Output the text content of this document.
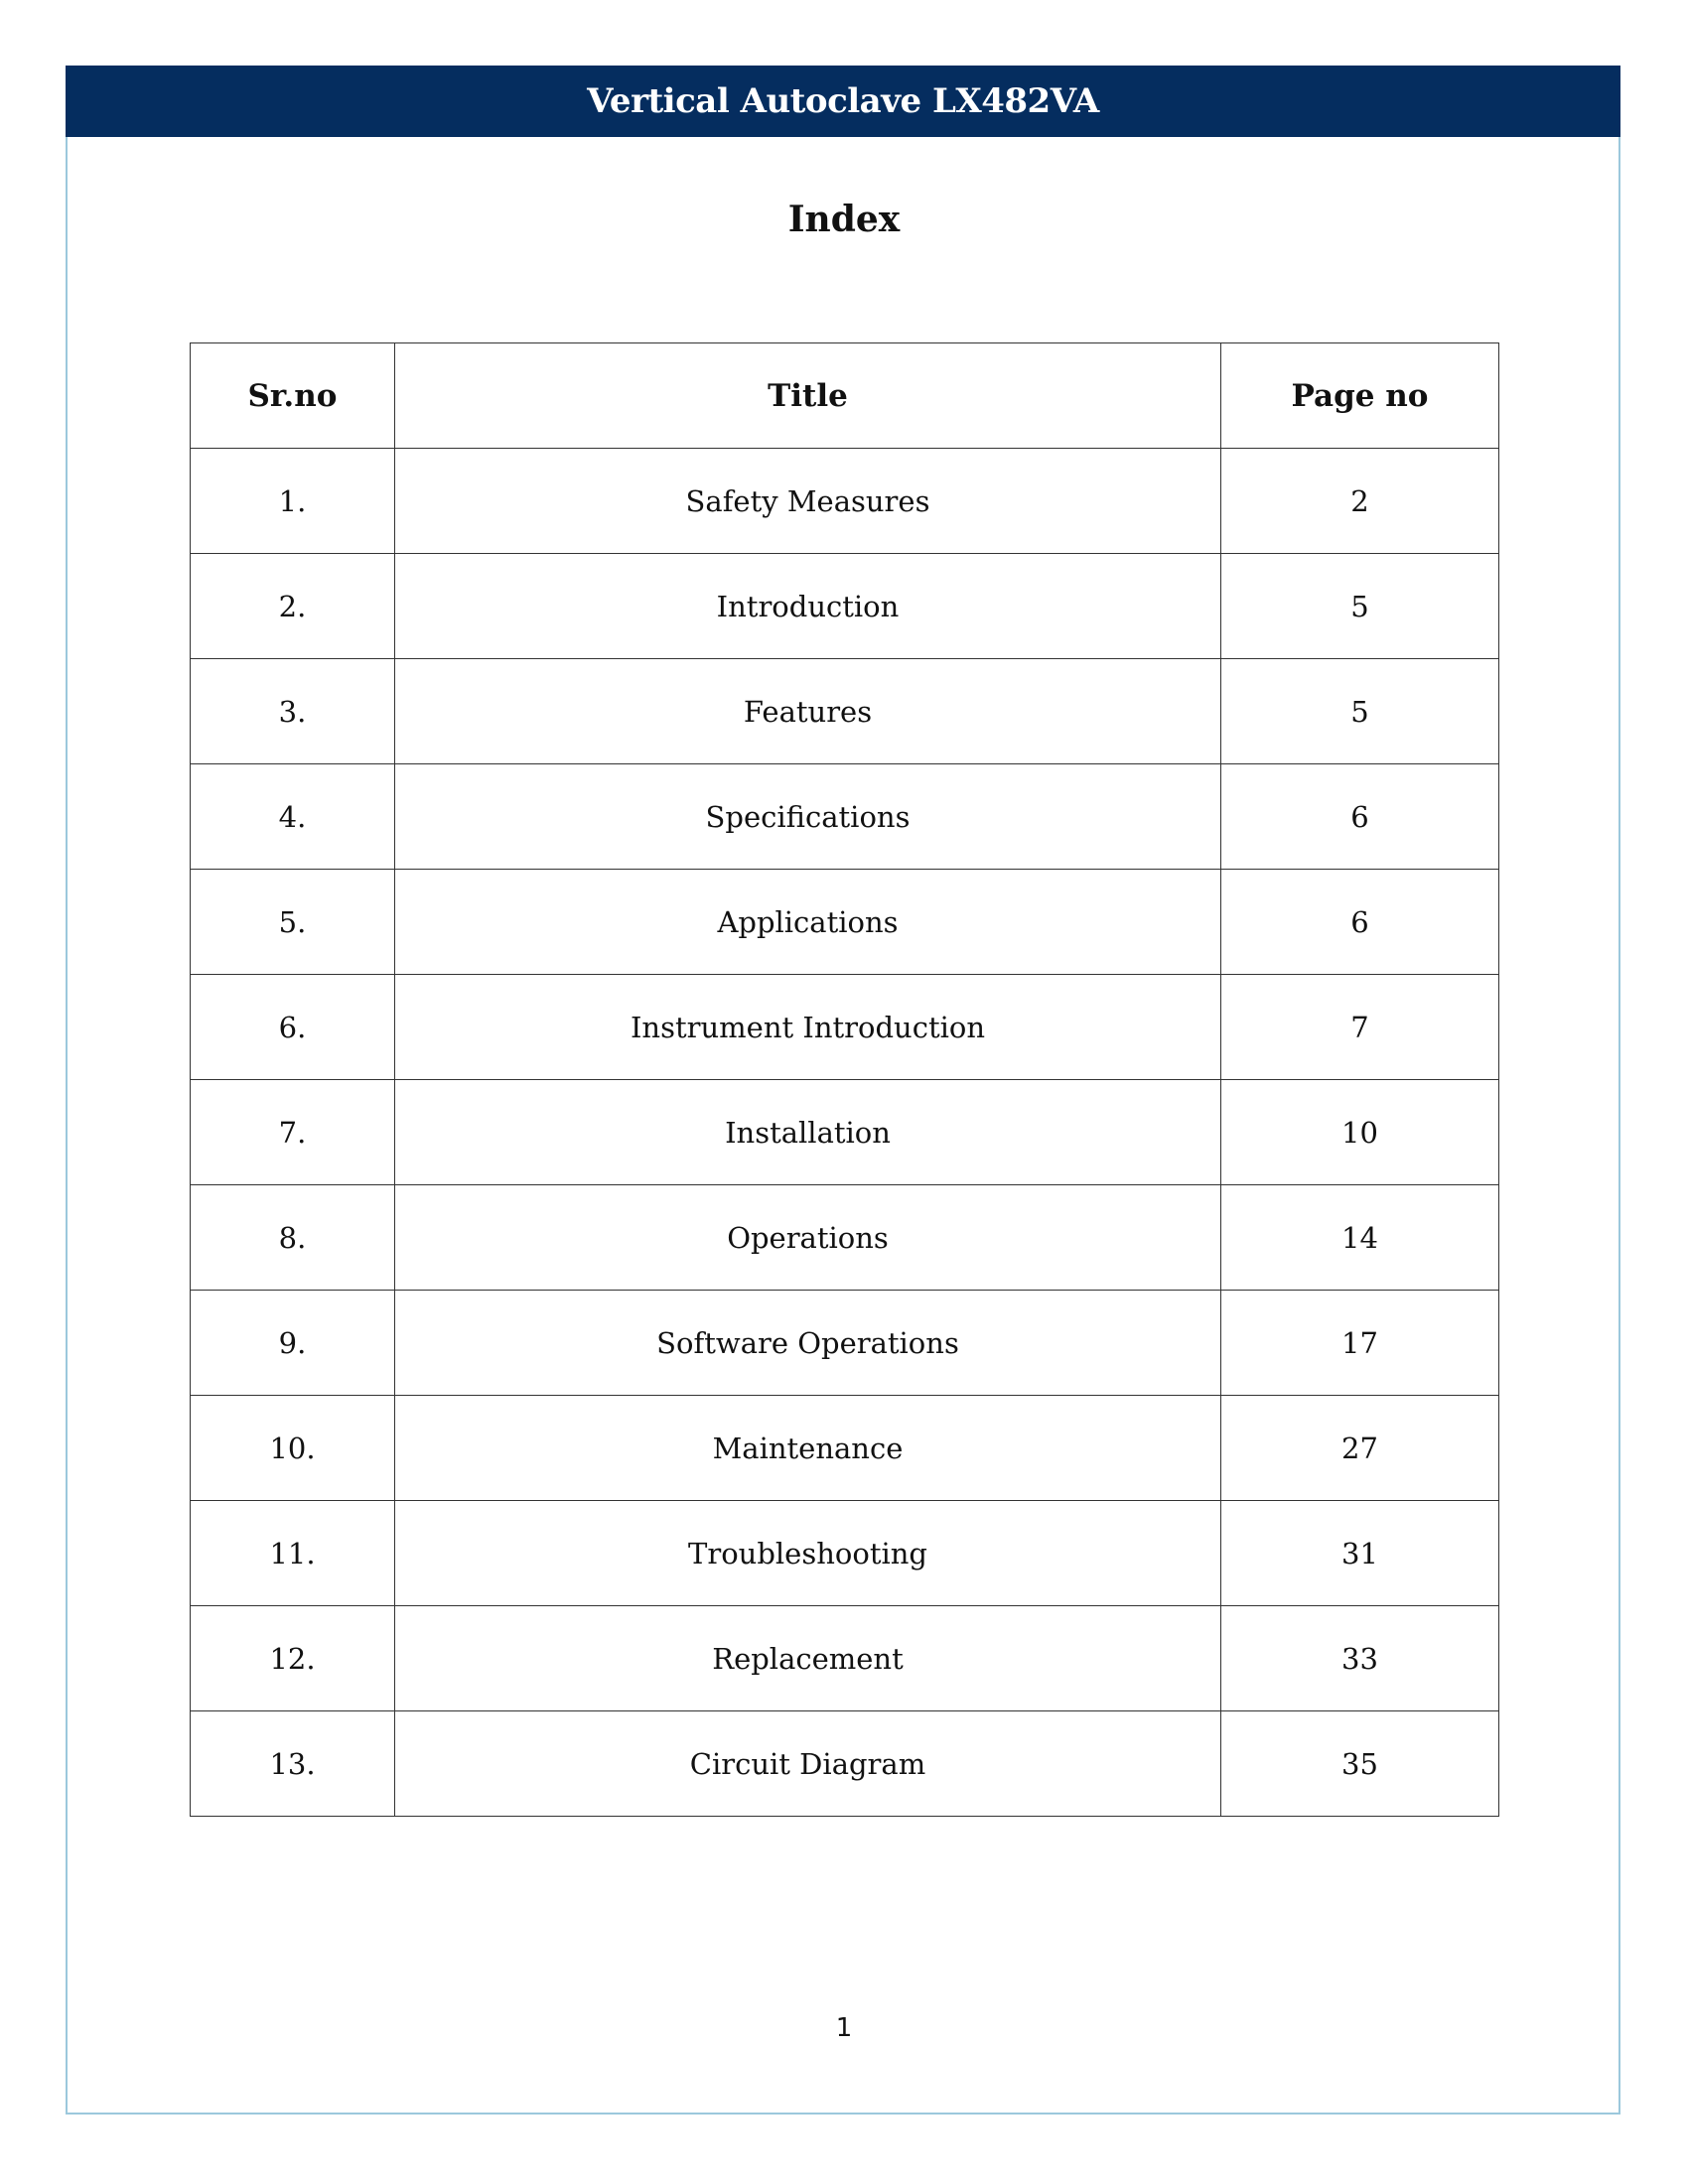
Vertical Autoclave LX482VA
Index
Sr.no	Title	Page no
1.	Safety Measures	2
2.	Introduction	5
3.	Features	5
4.	Specifications	6
5.	Applications	6
6.	Instrument Introduction	7
7.	Installation	10
8.	Operations	14
9.	Software Operations	17
10.	Maintenance	27
11.	Troubleshooting	31
12.	Replacement	33
13.	Circuit Diagram	35
1
